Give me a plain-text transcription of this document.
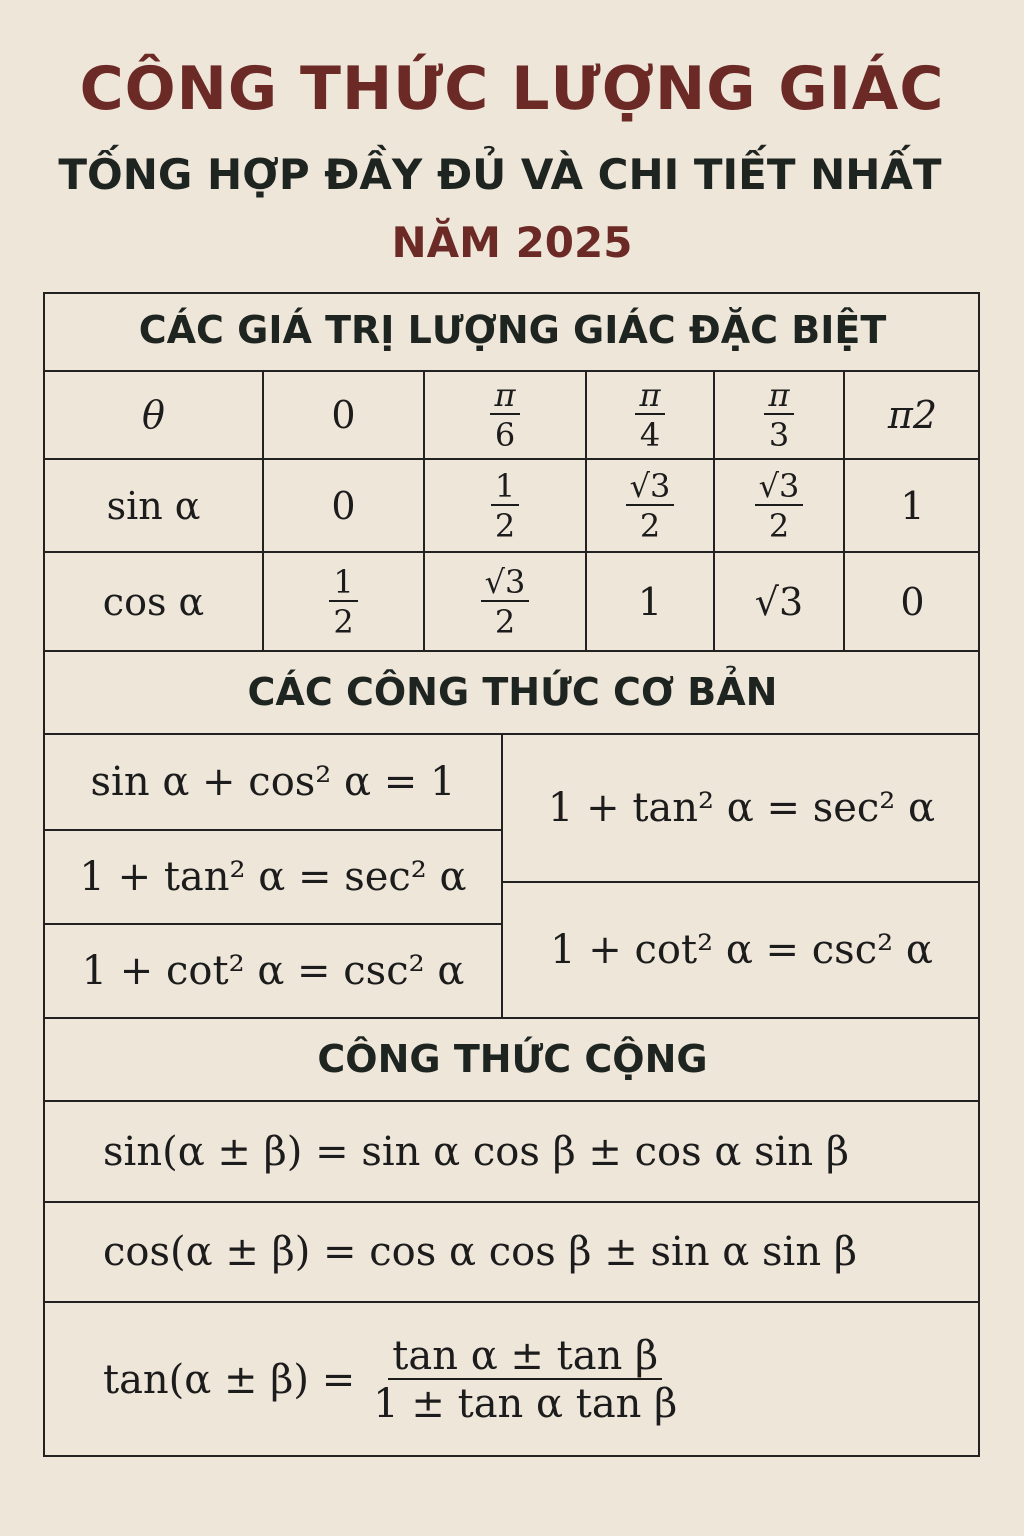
CÔNG THỨC LƯỢNG GIÁC
TỐNG HỢP ĐẦY ĐỦ VÀ CHI TIẾT NHẤT
NĂM 2025
CÁC GIÁ TRỊ LƯỢNG GIÁC ĐẶC BIỆT
θ	0	$\frac{\pi}{6}$	$\frac{\pi}{4}$	$\frac{\pi}{3}$	π2
sin α	0	$\frac{1}{2}$	$\frac{√3}{2}$	$\frac{√3}{2}$	1
cos α	$\frac{1}{2}$	$\frac{√3}{2}$	1	√3	0
CÁC CÔNG THỨC CƠ BẢN
sin α + cos² α = 1
1 + tan² α = sec² α
1 + cot² α = csc² α
1 + tan² α = sec² α
1 + cot² α = csc² α
CÔNG THỨC CỘNG
sin(α ± β) = sin α cos β ± cos α sin β
cos(α ± β) = cos α cos β ± sin α sin β
$\tan(\alpha \pm \beta) = \frac{\text{tan α ± tan β}}{\text{1 ± tan α tan β}}$
